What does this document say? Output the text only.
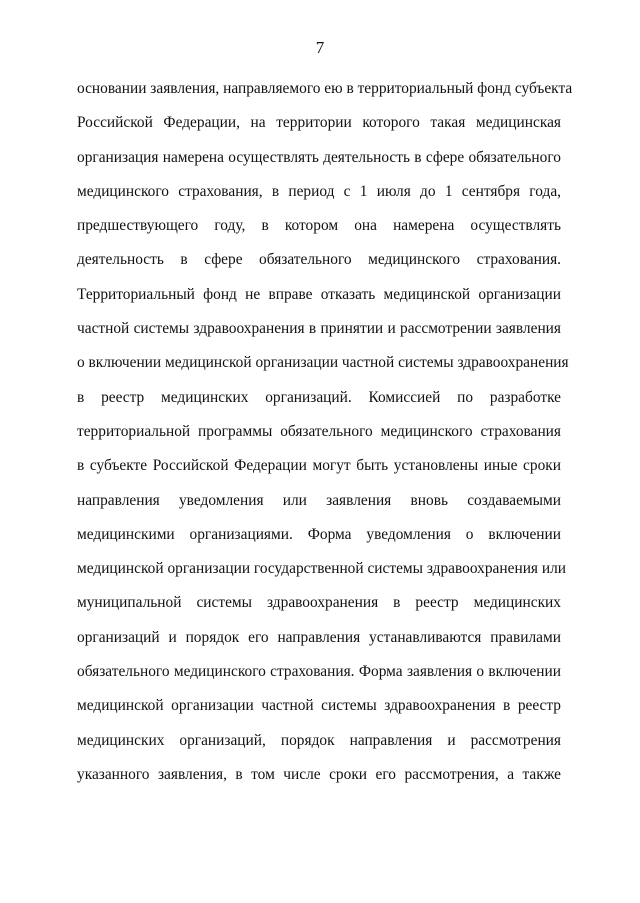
7
основании заявления, направляемого ею в территориальный фонд субъекта
Российской Федерации, на территории которого такая медицинская
организация намерена осуществлять деятельность в сфере обязательного
медицинского страхования, в период с 1 июля до 1 сентября года,
предшествующего году, в котором она намерена осуществлять
деятельность в сфере обязательного медицинского страхования.
Территориальный фонд не вправе отказать медицинской организации
частной системы здравоохранения в принятии и рассмотрении заявления
о включении медицинской организации частной системы здравоохранения
в реестр медицинских организаций. Комиссией по разработке
территориальной программы обязательного медицинского страхования
в субъекте Российской Федерации могут быть установлены иные сроки
направления уведомления или заявления вновь создаваемыми
медицинскими организациями. Форма уведомления о включении
медицинской организации государственной системы здравоохранения или
муниципальной системы здравоохранения в реестр медицинских
организаций и порядок его направления устанавливаются правилами
обязательного медицинского страхования. Форма заявления о включении
медицинской организации частной системы здравоохранения в реестр
медицинских организаций, порядок направления и рассмотрения
указанного заявления, в том числе сроки его рассмотрения, а также
